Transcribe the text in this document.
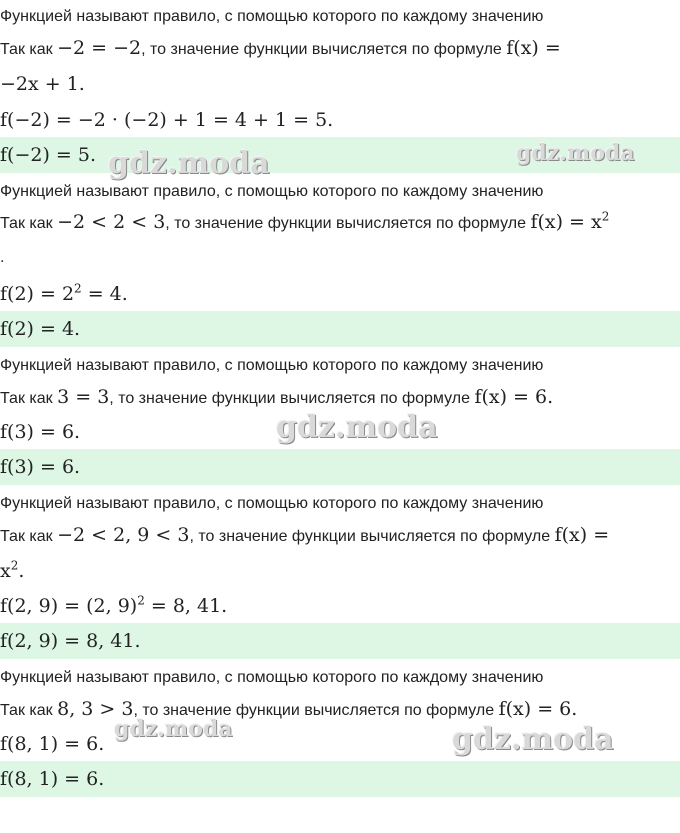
Функцией называют правило, с помощью которого по каждому значению
Так как −2 = −2, то значение функции вычисляется по формуле f(x) =
−2x + 1.
f(−2) = −2 · (−2) + 1 = 4 + 1 = 5.
f(−2) = 5.
Функцией называют правило, с помощью которого по каждому значению
Так как −2 < 2 < 3, то значение функции вычисляется по формуле $f(x) = x^2$
.
$f(2) = 2^2 = 4$.
f(2) = 4.
Функцией называют правило, с помощью которого по каждому значению
Так как 3 = 3, то значение функции вычисляется по формуле f(x) = 6.
f(3) = 6.
f(3) = 6.
Функцией называют правило, с помощью которого по каждому значению
Так как −2 < 2, 9 < 3, то значение функции вычисляется по формуле f(x) =
$x^2$.
f(2, 9) = (2, 9)$^2$ = 8, 41.
f(2, 9) = 8, 41.
Функцией называют правило, с помощью которого по каждому значению
Так как 8, 3 > 3, то значение функции вычисляется по формуле f(x) = 6.
f(8, 1) = 6.
f(8, 1) = 6.
gdz.moda	gdz.moda
gdz.moda
gdz.moda	gdz.moda
